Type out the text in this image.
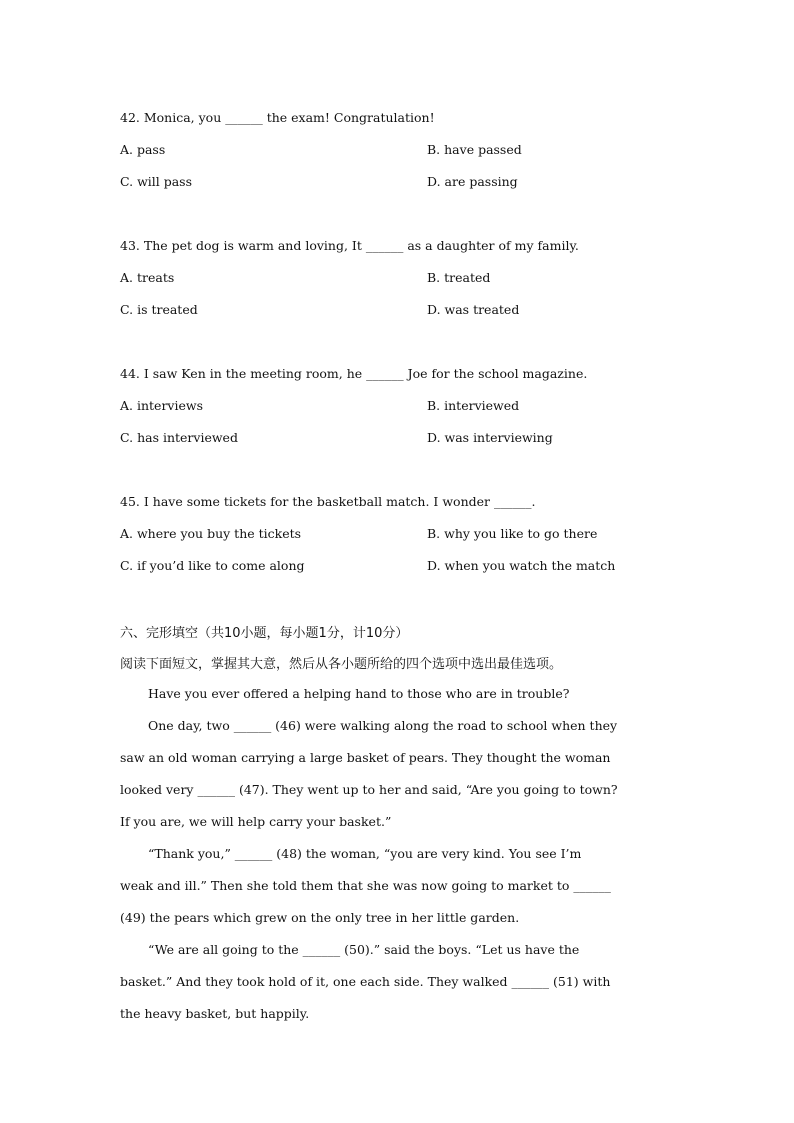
42. Monica, you ______ the exam! Congratulation!
A. pass	B. have passed
C. will pass	D. are passing
43. The pet dog is warm and loving, It ______ as a daughter of my family.
A. treats	B. treated
C. is treated	D. was treated
44. I saw Ken in the meeting room, he ______ Joe for the school magazine.
A. interviews	B. interviewed
C. has interviewed	D. was interviewing
45. I have some tickets for the basketball match. I wonder ______.
A. where you buy the tickets	B. why you like to go there
C. if you’d like to come along	D. when you watch the match
六、完形填空（共10小题，每小题1分，计10分）
阅读下面短文，掌握其大意，然后从各小题所给的四个选项中选出最佳选项。
Have you ever offered a helping hand to those who are in trouble?
One day, two ______ (46) were walking along the road to school when they
saw an old woman carrying a large basket of pears. They thought the woman
looked very ______ (47). They went up to her and said, “Are you going to town?
If you are, we will help carry your basket.”
“Thank you,” ______ (48) the woman, “you are very kind. You see I’m
weak and ill.” Then she told them that she was now going to market to ______
(49) the pears which grew on the only tree in her little garden.
“We are all going to the ______ (50).” said the boys. “Let us have the
basket.” And they took hold of it, one each side. They walked ______ (51) with
the heavy basket, but happily.
